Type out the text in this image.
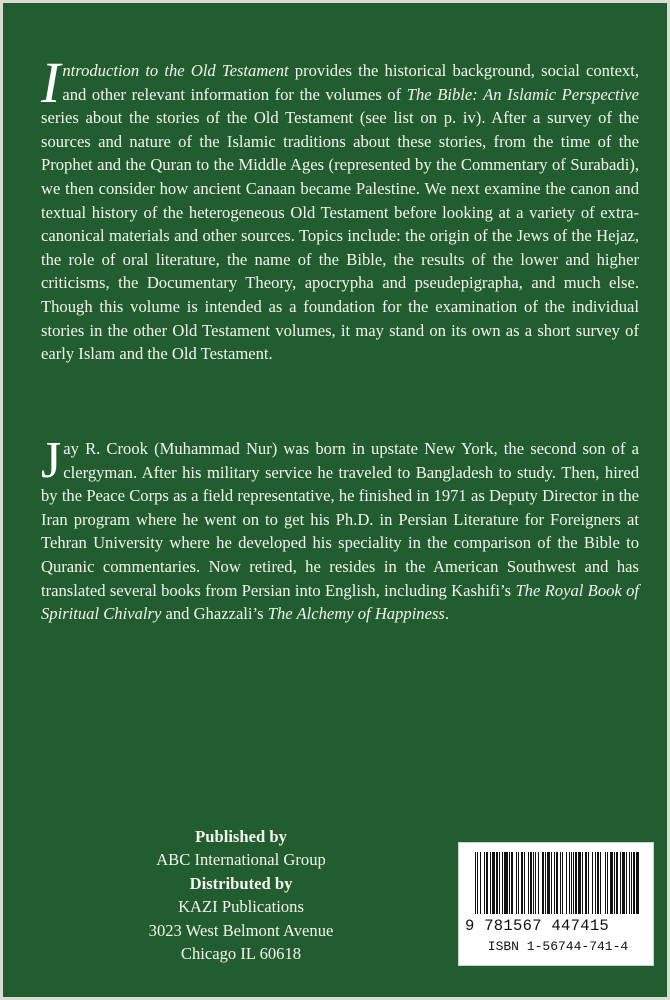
Introduction to the Old Testament provides the historical background, social context, and other relevant information for the volumes of The Bible: An Islamic Perspective series about the stories of the Old Testament (see list on p. iv). After a survey of the sources and nature of the Islamic traditions about these stories, from the time of the Prophet and the Quran to the Middle Ages (represented by the Commentary of Surabadi), we then consider how ancient Canaan became Palestine. We next examine the canon and textual history of the heterogeneous Old Testament before looking at a variety of extra-canonical materials and other sources. Topics include: the origin of the Jews of the Hejaz, the role of oral literature, the name of the Bible, the results of the lower and higher criticisms, the Documentary Theory, apocrypha and pseudepigrapha, and much else. Though this volume is intended as a foundation for the examination of the individual stories in the other Old Testament volumes, it may stand on its own as a short survey of early Islam and the Old Testament.
Jay R. Crook (Muhammad Nur) was born in upstate New York, the second son of a clergyman. After his military service he traveled to Bangladesh to study. Then, hired by the Peace Corps as a field representative, he finished in 1971 as Deputy Director in the Iran program where he went on to get his Ph.D. in Persian Literature for Foreigners at Tehran University where he developed his speciality in the comparison of the Bible to Quranic commentaries. Now retired, he resides in the American Southwest and has translated several books from Persian into English, including Kashifi’s The Royal Book of Spiritual Chivalry and Ghazzali’s The Alchemy of Happiness.
Published by
ABC International Group
Distributed by
KAZI Publications
3023 West Belmont Avenue
Chicago IL 60618
9 781567 447415
ISBN 1-56744-741-4
